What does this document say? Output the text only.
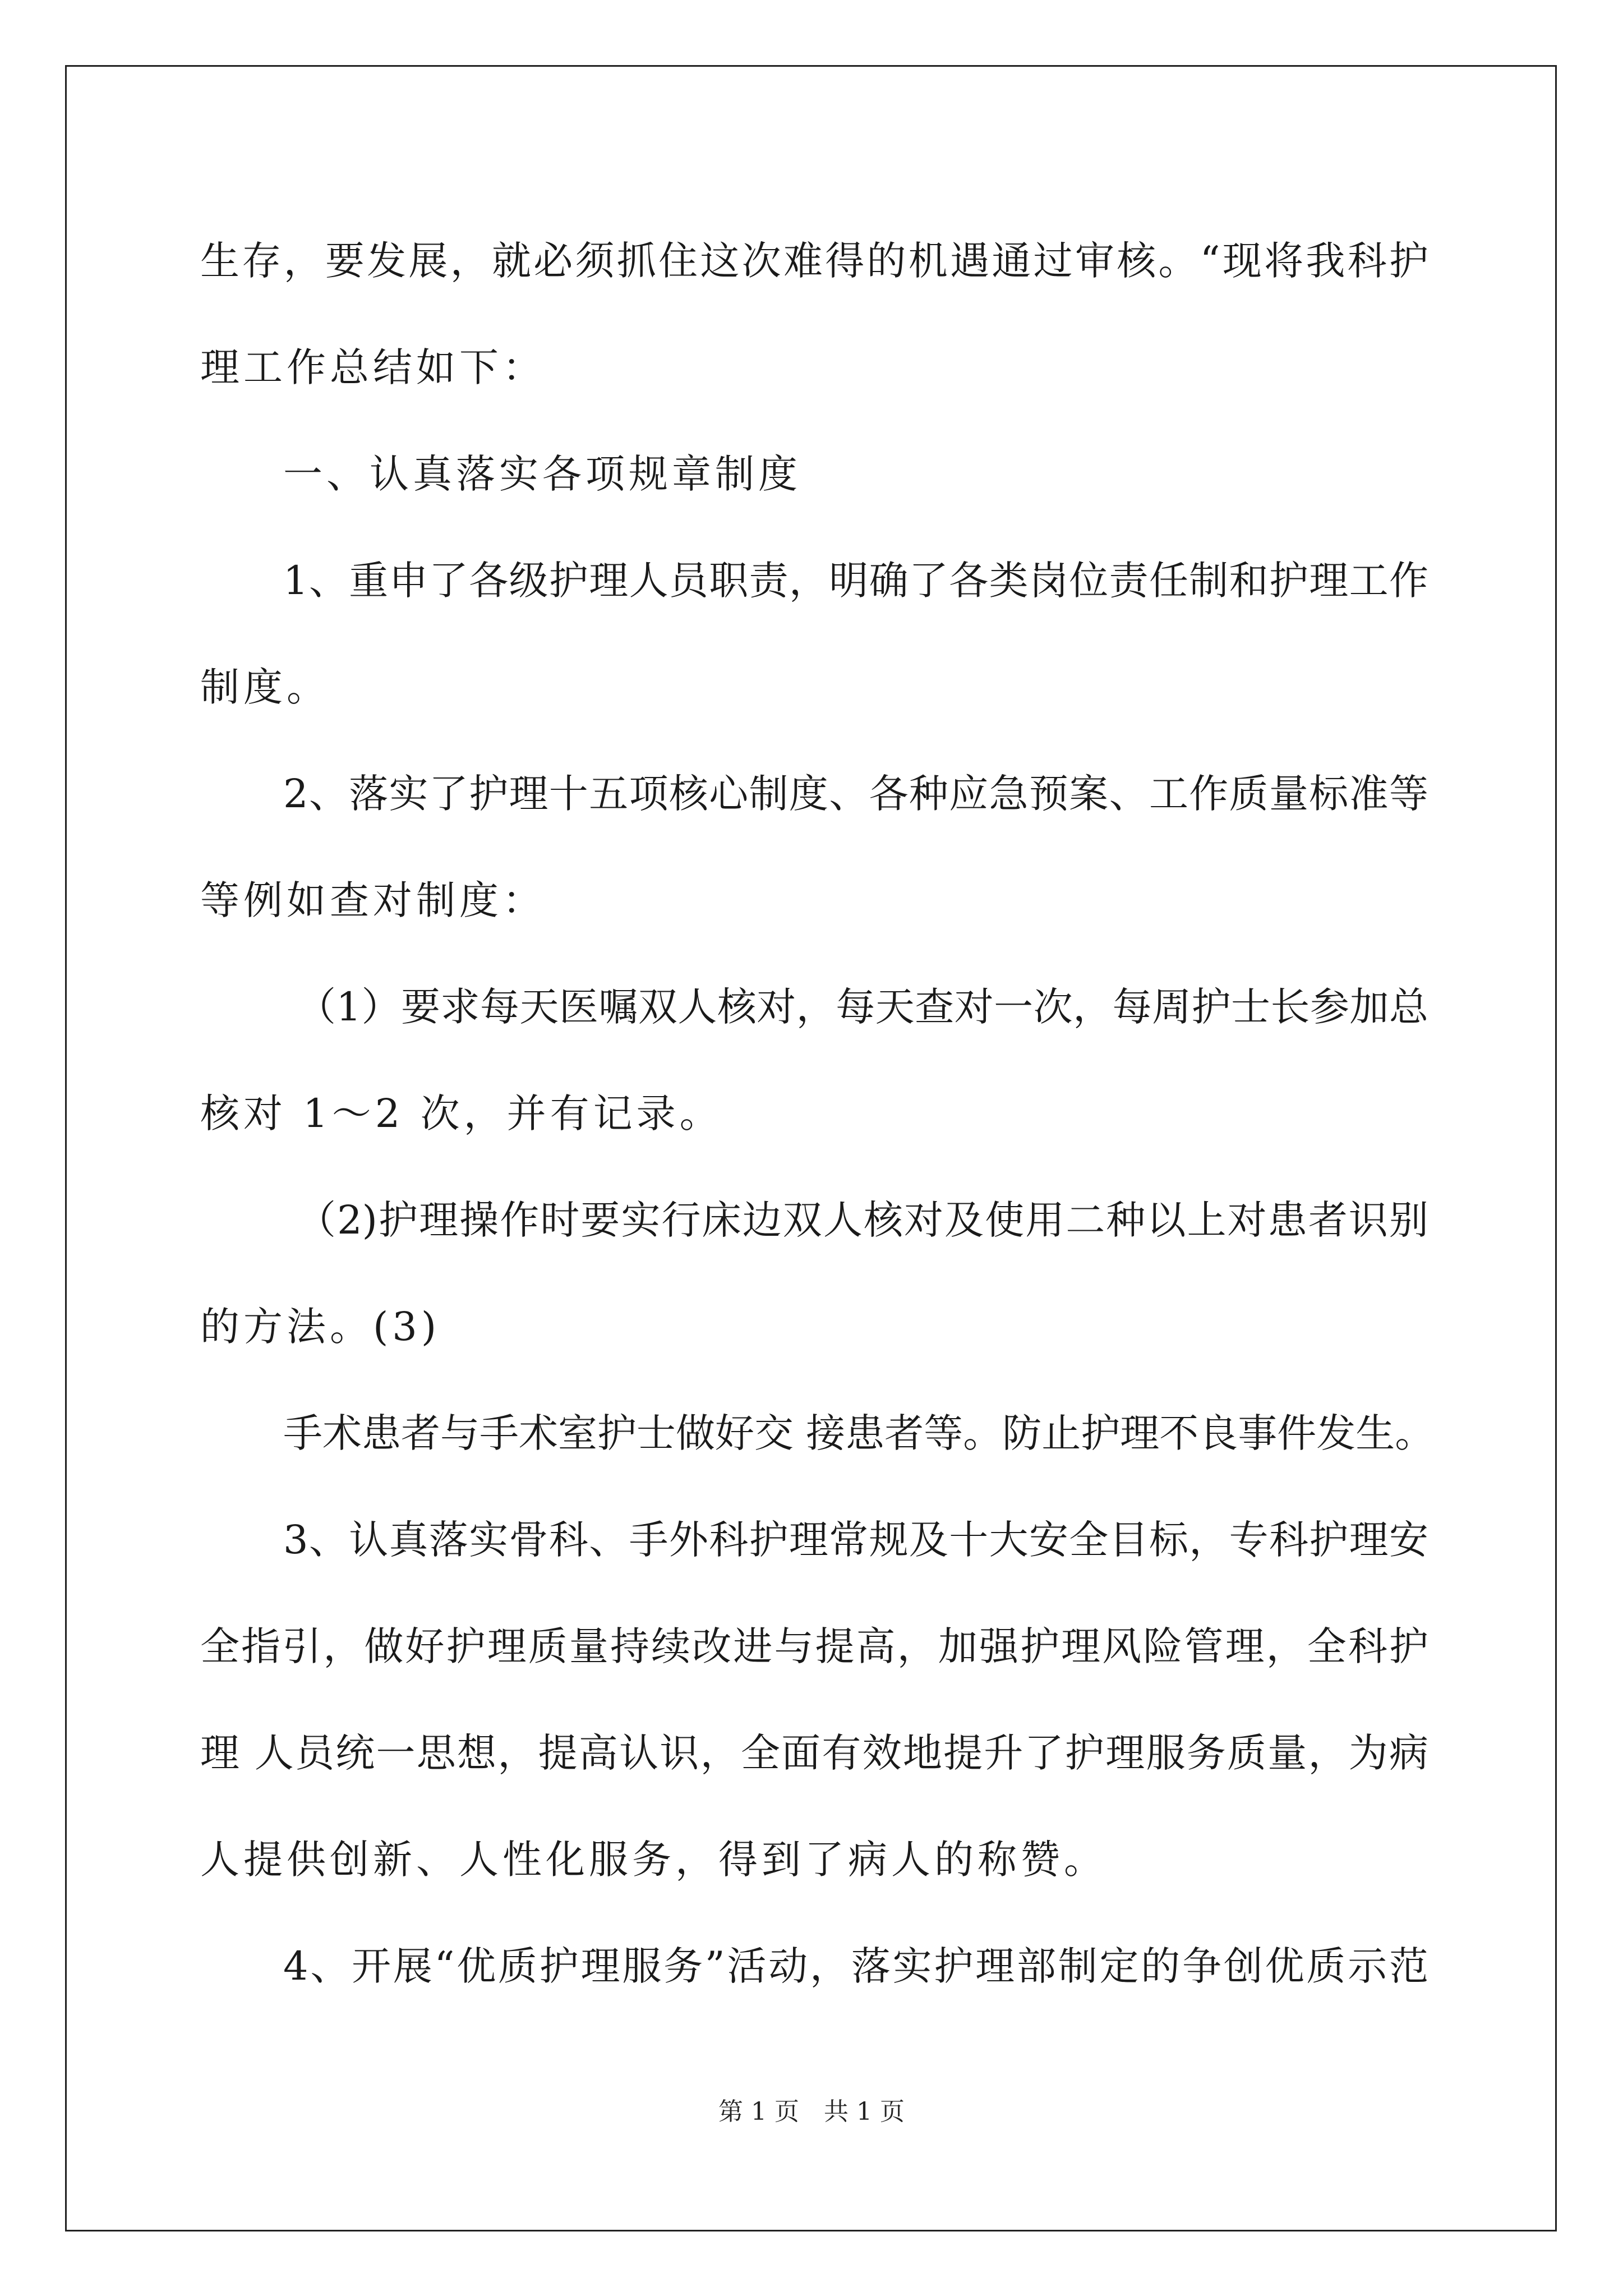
生存，要发展，就必须抓住这次难得的机遇通过审核。“现将我科护
理工作总结如下：
一、认真落实各项规章制度
1、重申了各级护理人员职责，明确了各类岗位责任制和护理工作
制度。
2、落实了护理十五项核心制度、各种应急预案、工作质量标准等
等例如查对制度：
（1）要求每天医嘱双人核对，每天查对一次，每周护士长参加总
核对 1～2 次，并有记录。
（2)护理操作时要实行床边双人核对及使用二种以上对患者识别
的方法。(3)
手术患者与手术室护士做好交 接患者等。防止护理不良事件发生。
3、认真落实骨科、手外科护理常规及十大安全目标，专科护理安
全指引，做好护理质量持续改进与提高，加强护理风险管理，全科护
理 人员统一思想，提高认识，全面有效地提升了护理服务质量，为病
人提供创新、人性化服务，得到了病人的称赞。
4、开展“优质护理服务”活动，落实护理部制定的争创优质示范
第 1 页　共 1 页
